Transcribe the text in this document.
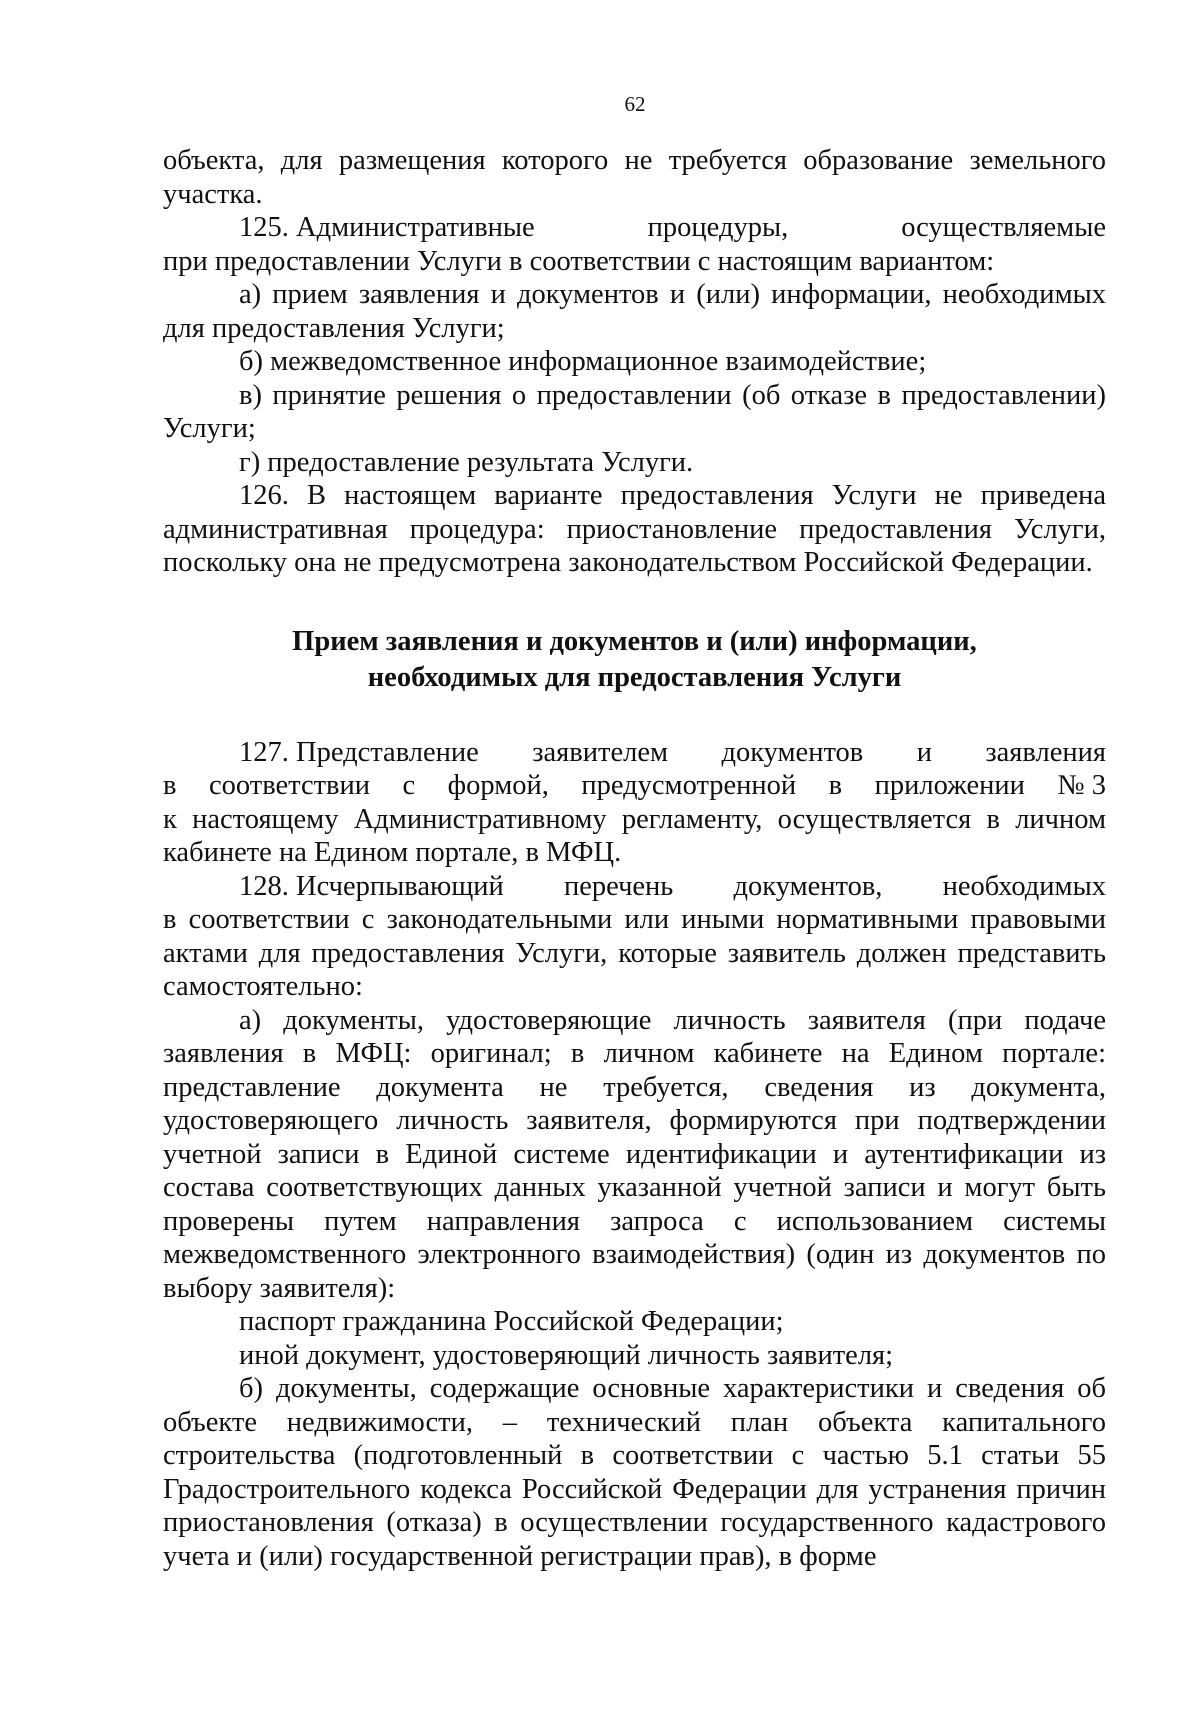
62

объекта, для размещения которого не требуется образование земельного участка.

125. Административные	процедуры,	осуществляемые

при предоставлении Услуги в соответствии с настоящим вариантом:

а) прием заявления и документов и (или) информации, необходимых для предоставления Услуги;

б) межведомственное информационное взаимодействие;

в) принятие решения о предоставлении (об отказе в предоставлении) Услуги;

г) предоставление результата Услуги.

126. В настоящем варианте предоставления Услуги не приведена административная процедура: приостановление предоставления Услуги, поскольку она не предусмотрена законодательством Российской Федерации.

Прием заявления и документов и (или) информации,
необходимых для предоставления Услуги
127. Представление заявителем документов и заявления
в соответствии с формой, предусмотренной в приложении № 3

к настоящему Административному регламенту, осуществляется в личном кабинете на Едином портале, в МФЦ.

128. Исчерпывающий перечень документов, необходимых

в соответствии с законодательными или иными нормативными правовыми актами для предоставления Услуги, которые заявитель должен представить самостоятельно:

а) документы, удостоверяющие личность заявителя (при подаче заявления в МФЦ: оригинал; в личном кабинете на Едином портале: представление документа не требуется, сведения из документа, удостоверяющего личность заявителя, формируются при подтверждении учетной записи в Единой системе идентификации и аутентификации из состава соответствующих данных указанной учетной записи и могут быть проверены путем направления запроса с использованием системы межведомственного электронного взаимодействия) (один из документов по выбору заявителя):

паспорт гражданина Российской Федерации;

иной документ, удостоверяющий личность заявителя;

б) документы, содержащие основные характеристики и сведения об объекте недвижимости, – технический план объекта капитального строительства (подготовленный в соответствии с частью 5.1 статьи 55 Градостроительного кодекса Российской Федерации для устранения причин приостановления (отказа) в осуществлении государственного кадастрового учета и (или) государственной регистрации прав), в форме
